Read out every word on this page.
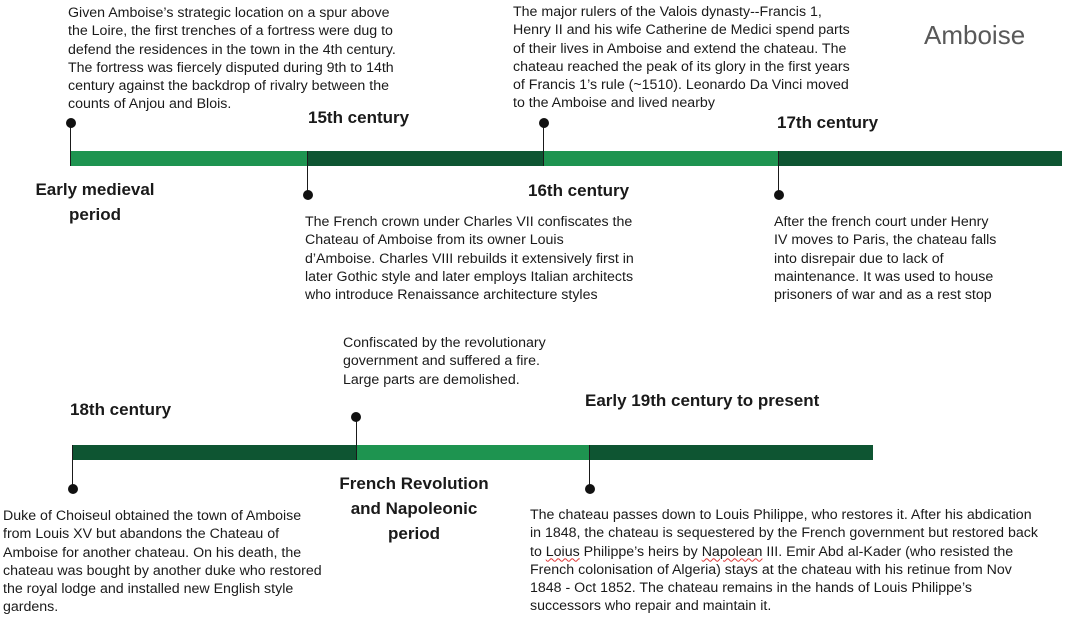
Amboise
Early medieval
period
15th century
16th century
17th century
Given Amboise’s strategic location on a spur above
the Loire, the first trenches of a fortress were dug to
defend the residences in the town in the 4th century.
The fortress was fiercely disputed during 9th to 14th
century against the backdrop of rivalry between the
counts of Anjou and Blois.
The French crown under Charles VII confiscates the
Chateau of Amboise from its owner Louis
d’Amboise. Charles VIII rebuilds it extensively first in
later Gothic style and later employs Italian architects
who introduce Renaissance architecture styles
The major rulers of the Valois dynasty--Francis 1,
Henry II and his wife Catherine de Medici spend parts
of their lives in Amboise and extend the chateau. The
chateau reached the peak of its glory in the first years
of Francis 1’s rule (~1510). Leonardo Da Vinci moved
to the Amboise and lived nearby
After the french court under Henry
IV moves to Paris, the chateau falls
into disrepair due to lack of
maintenance. It was used to house
prisoners of war and as a rest stop
18th century
French Revolution
and Napoleonic
period
Early 19th century to present
Duke of Choiseul obtained the town of Amboise
from Louis XV but abandons the Chateau of
Amboise for another chateau. On his death, the
chateau was bought by another duke who restored
the royal lodge and installed new English style
gardens.
Confiscated by the revolutionary
government and suffered a fire.
Large parts are demolished.
The chateau passes down to Louis Philippe, who restores it. After his abdication
in 1848, the chateau is sequestered by the French government but restored back
to Loius Philippe’s heirs by Napolean III. Emir Abd al-Kader (who resisted the
French colonisation of Algeria) stays at the chateau with his retinue from Nov
1848 - Oct 1852. The chateau remains in the hands of Louis Philippe’s
successors who repair and maintain it.
